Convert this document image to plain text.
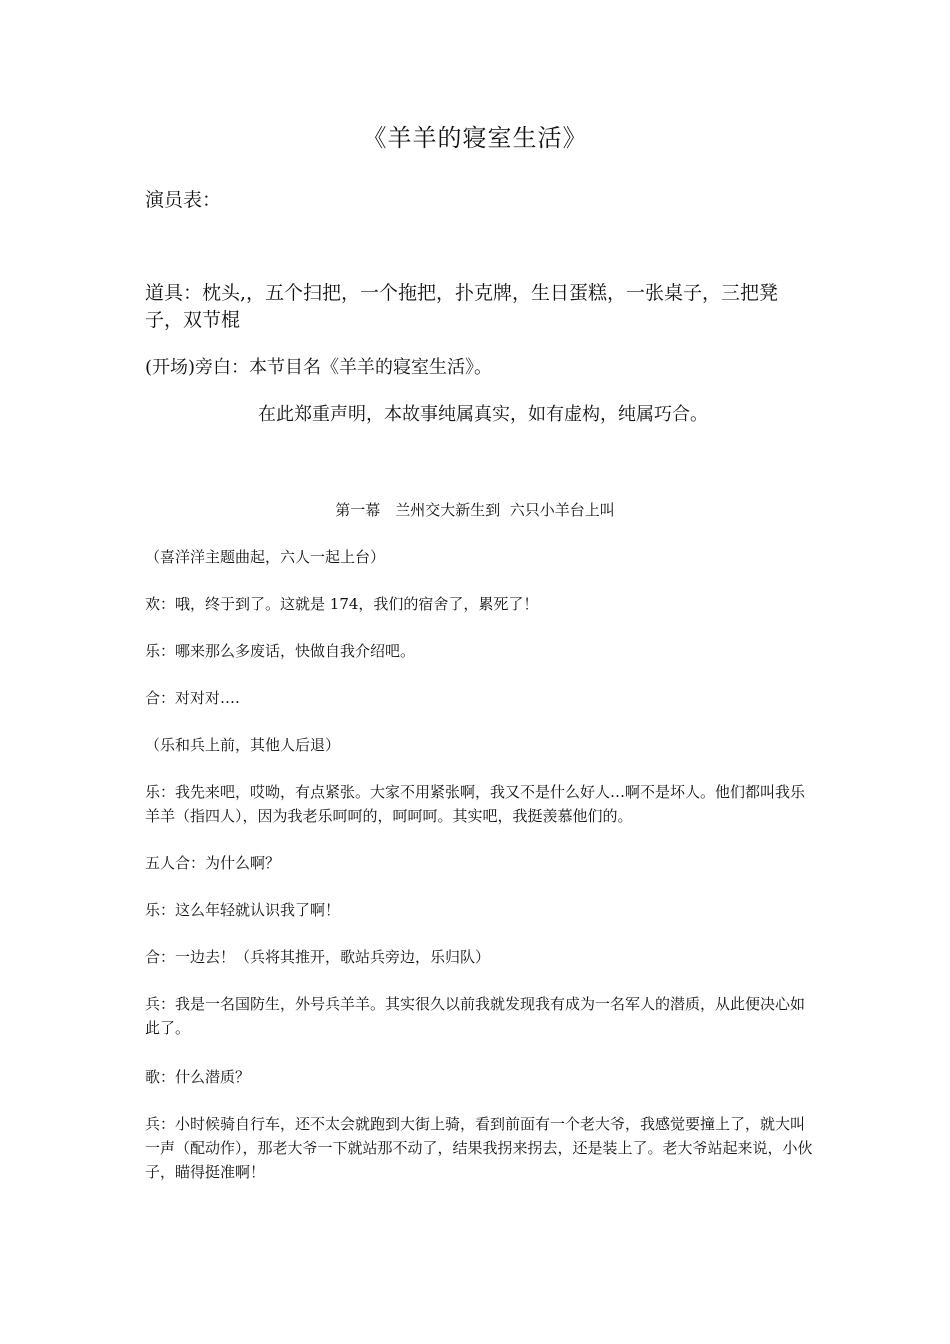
《羊羊的寝室生活》
演员表：
道具：枕头,，五个扫把，一个拖把，扑克牌，生日蛋糕，一张桌子，三把凳子，双节棍
(开场)旁白：本节目名《羊羊的寝室生活》。
在此郑重声明，本故事纯属真实，如有虚构，纯属巧合。
第一幕　兰州交大新生到  六只小羊台上叫
（喜洋洋主题曲起，六人一起上台）
欢：哦，终于到了。这就是 174，我们的宿舍了，累死了！
乐：哪来那么多废话，快做自我介绍吧。
合：对对对….
（乐和兵上前，其他人后退）
乐：我先来吧，哎呦，有点紧张。大家不用紧张啊，我又不是什么好人…啊不是坏人。他们都叫我乐羊羊（指四人），因为我老乐呵呵的，呵呵呵。其实吧，我挺羡慕他们的。
五人合：为什么啊？
乐：这么年轻就认识我了啊！
合：一边去！（兵将其推开，歌站兵旁边，乐归队）
兵：我是一名国防生，外号兵羊羊。其实很久以前我就发现我有成为一名军人的潜质，从此便决心如此了。
歌：什么潜质？
兵：小时候骑自行车，还不太会就跑到大街上骑，看到前面有一个老大爷，我感觉要撞上了，就大叫一声（配动作），那老大爷一下就站那不动了，结果我拐来拐去，还是装上了。老大爷站起来说，小伙子，瞄得挺准啊！
